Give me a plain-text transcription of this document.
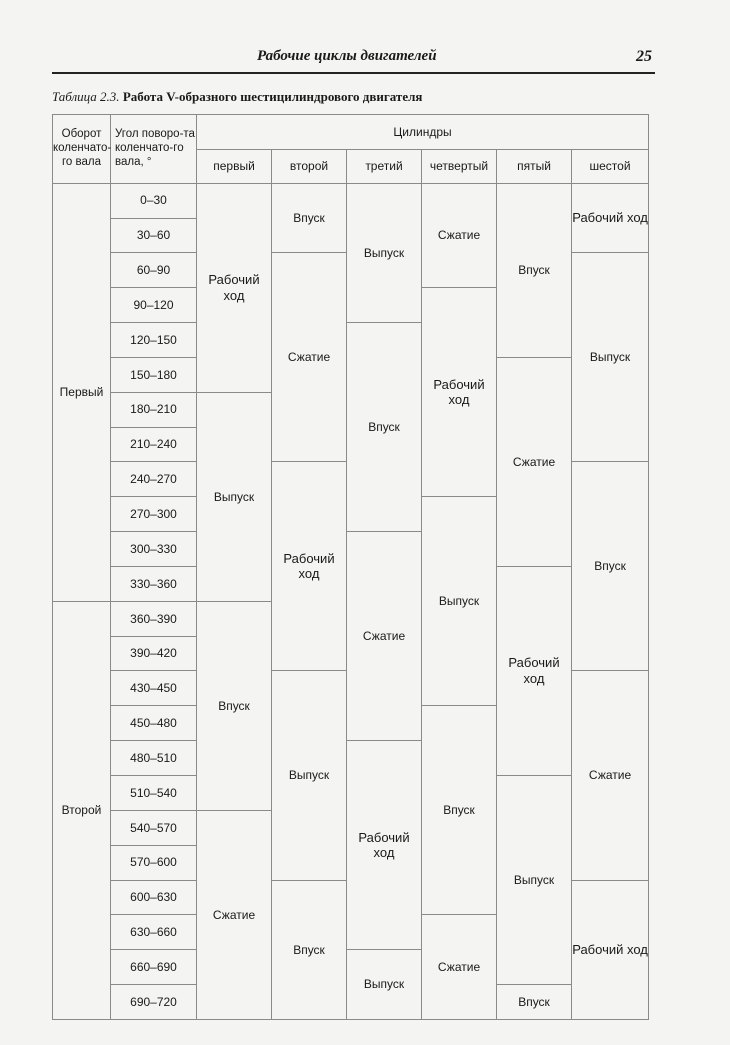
Рабочие циклы двигателей	25
Таблица 2.3. Работа V-образного шестицилиндрового двигателя
Оборот коленчато-го вала	Угол поворо-та коленчато-го вала, °	Цилиндры					
		первый	второй	третий	четвертый	пятый	шестой
Первый	0–30	Рабочий ход	Впуск	Выпуск	Сжатие	Впуск	Рабочий ход
	30–60						
	60–90		Сжатие				Выпуск
	90–120				Рабочий ход		
	120–150			Впуск			
	150–180					Сжатие	
	180–210	Выпуск					
	210–240						
	240–270		Рабочий ход				Впуск
	270–300				Выпуск		
	300–330			Сжатие			
	330–360					Рабочий ход	
Второй	360–390	Впуск					
	390–420						
	430–450		Выпуск				Сжатие
	450–480				Впуск		
	480–510			Рабочий ход			
	510–540					Выпуск	
	540–570	Сжатие					
	570–600						
	600–630		Впуск				Рабочий ход
	630–660				Сжатие		
	660–690			Выпуск			
	690–720					Впуск	
